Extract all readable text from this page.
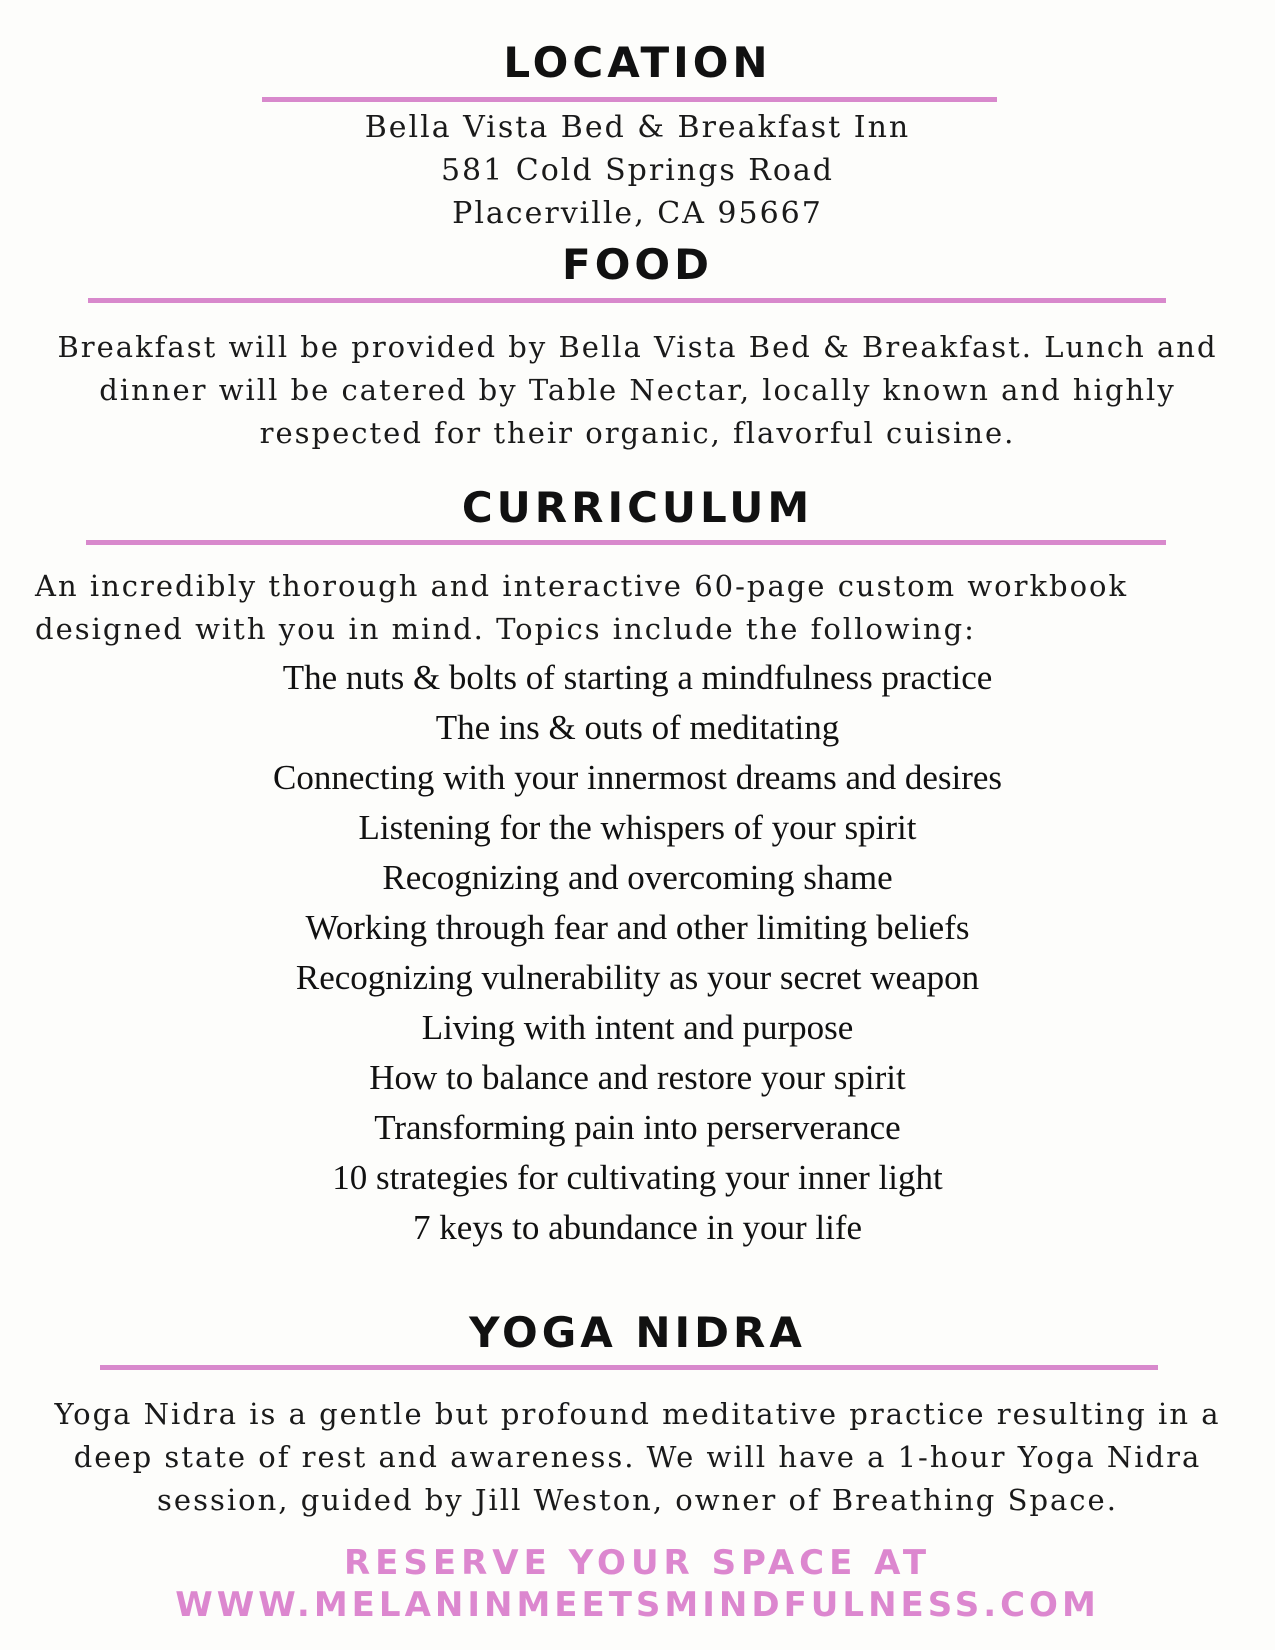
LOCATION
Bella Vista Bed & Breakfast Inn
581 Cold Springs Road
Placerville, CA 95667
FOOD
Breakfast will be provided by Bella Vista Bed & Breakfast. Lunch and
dinner will be catered by Table Nectar, locally known and highly
respected for their organic, flavorful cuisine.
CURRICULUM
An incredibly thorough and interactive 60-page custom workbook
designed with you in mind. Topics include the following:
The nuts & bolts of starting a mindfulness practice
The ins & outs of meditating
Connecting with your innermost dreams and desires
Listening for the whispers of your spirit
Recognizing and overcoming shame
Working through fear and other limiting beliefs
Recognizing vulnerability as your secret weapon
Living with intent and purpose
How to balance and restore your spirit
Transforming pain into perserverance
10 strategies for cultivating your inner light
7 keys to abundance in your life
YOGA NIDRA
Yoga Nidra is a gentle but profound meditative practice resulting in a
deep state of rest and awareness. We will have a 1-hour Yoga Nidra
session, guided by Jill Weston, owner of Breathing Space.
RESERVE YOUR SPACE AT
WWW.MELANINMEETSMINDFULNESS.COM
